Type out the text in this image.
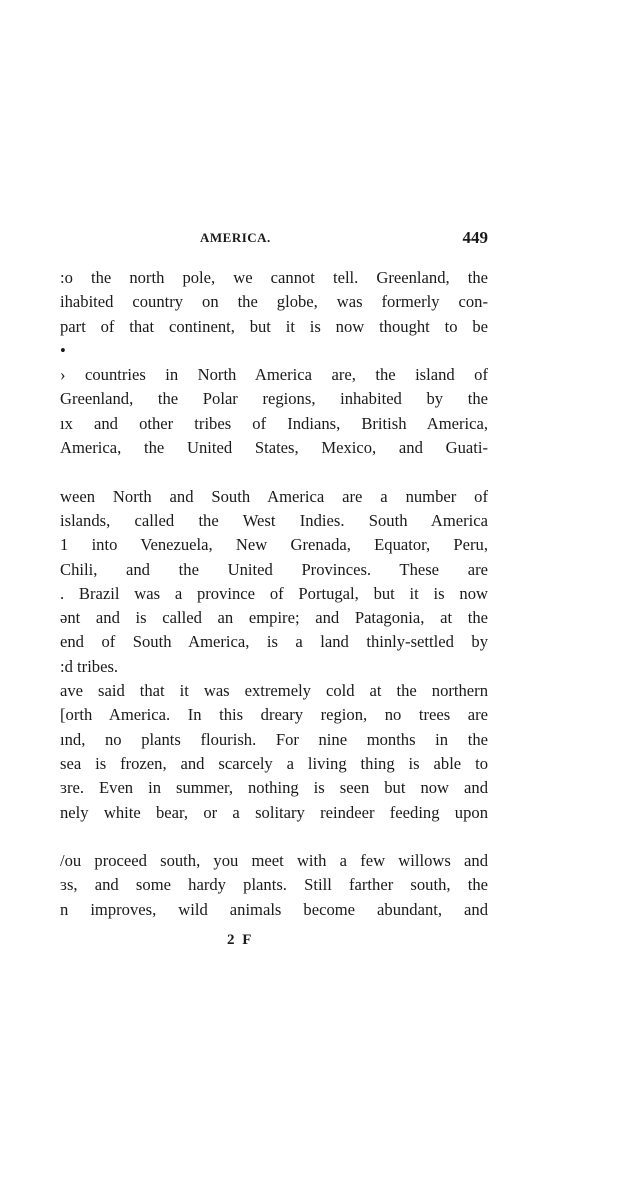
AMERICA.	449
:o the north pole, we cannot tell. Greenland, the
ihabited country on the globe, was formerly con-
part of that continent, but it is now thought to be
•
› countries in North America are, the island of
Greenland, the Polar regions, inhabited by the
ıx and other tribes of Indians, British America,
America, the United States, Mexico, and Guati-
ween North and South America are a number of
islands, called the West Indies. South America
1 into Venezuela, New Grenada, Equator, Peru,
Chili, and the United Provinces. These are
. Brazil was a province of Portugal, but it is now
ənt and is called an empire; and Patagonia, at the
end of South America, is a land thinly-settled by
:d tribes.
ave said that it was extremely cold at the northern
[orth America. In this dreary region, no trees are
ınd, no plants flourish. For nine months in the
sea is frozen, and scarcely a living thing is able to
ɜre. Even in summer, nothing is seen but now and
nely white bear, or a solitary reindeer feeding upon
/ou proceed south, you meet with a few willows and
ɜs, and some hardy plants. Still farther south, the
n improves, wild animals become abundant, and
2 F
